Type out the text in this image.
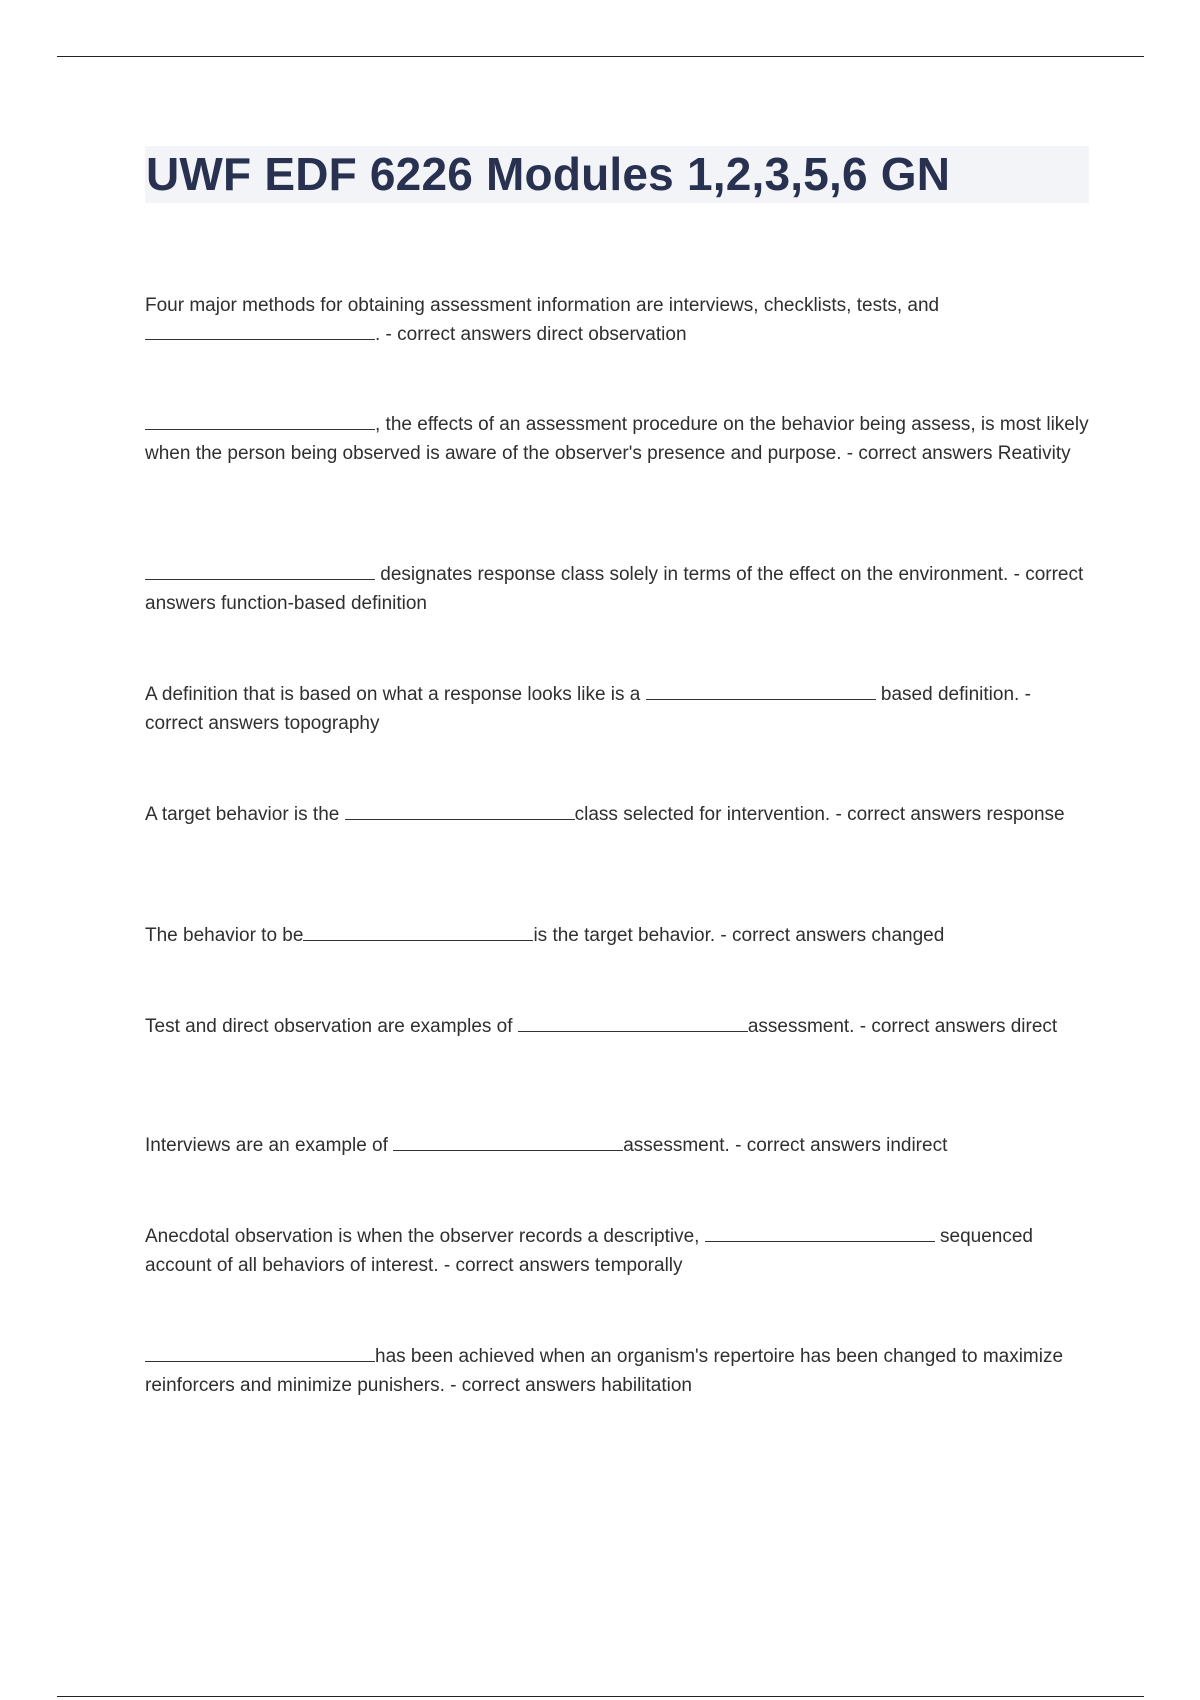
UWF EDF 6226 Modules 1,2,3,5,6 GN

Four major methods for obtaining assessment information are interviews, checklists, tests, and . - correct answers direct observation

, the effects of an assessment procedure on the behavior being assess, is most likely when the person being observed is aware of the observer's presence and purpose. - correct answers Reativity

designates response class solely in terms of the effect on the environment. - correct answers function-based definition

A definition that is based on what a response looks like is a	based definition. - correct answers topography

A target behavior is the	class selected for intervention. - correct answers response

The behavior to be	is the target behavior. - correct answers changed

Test and direct observation are examples of	assessment. - correct answers direct

Interviews are an example of	assessment. - correct answers indirect

Anecdotal observation is when the observer records a descriptive,	sequenced account of all behaviors of interest. - correct answers temporally

has been achieved when an organism's repertoire has been changed to maximize reinforcers and minimize punishers. - correct answers habilitation
